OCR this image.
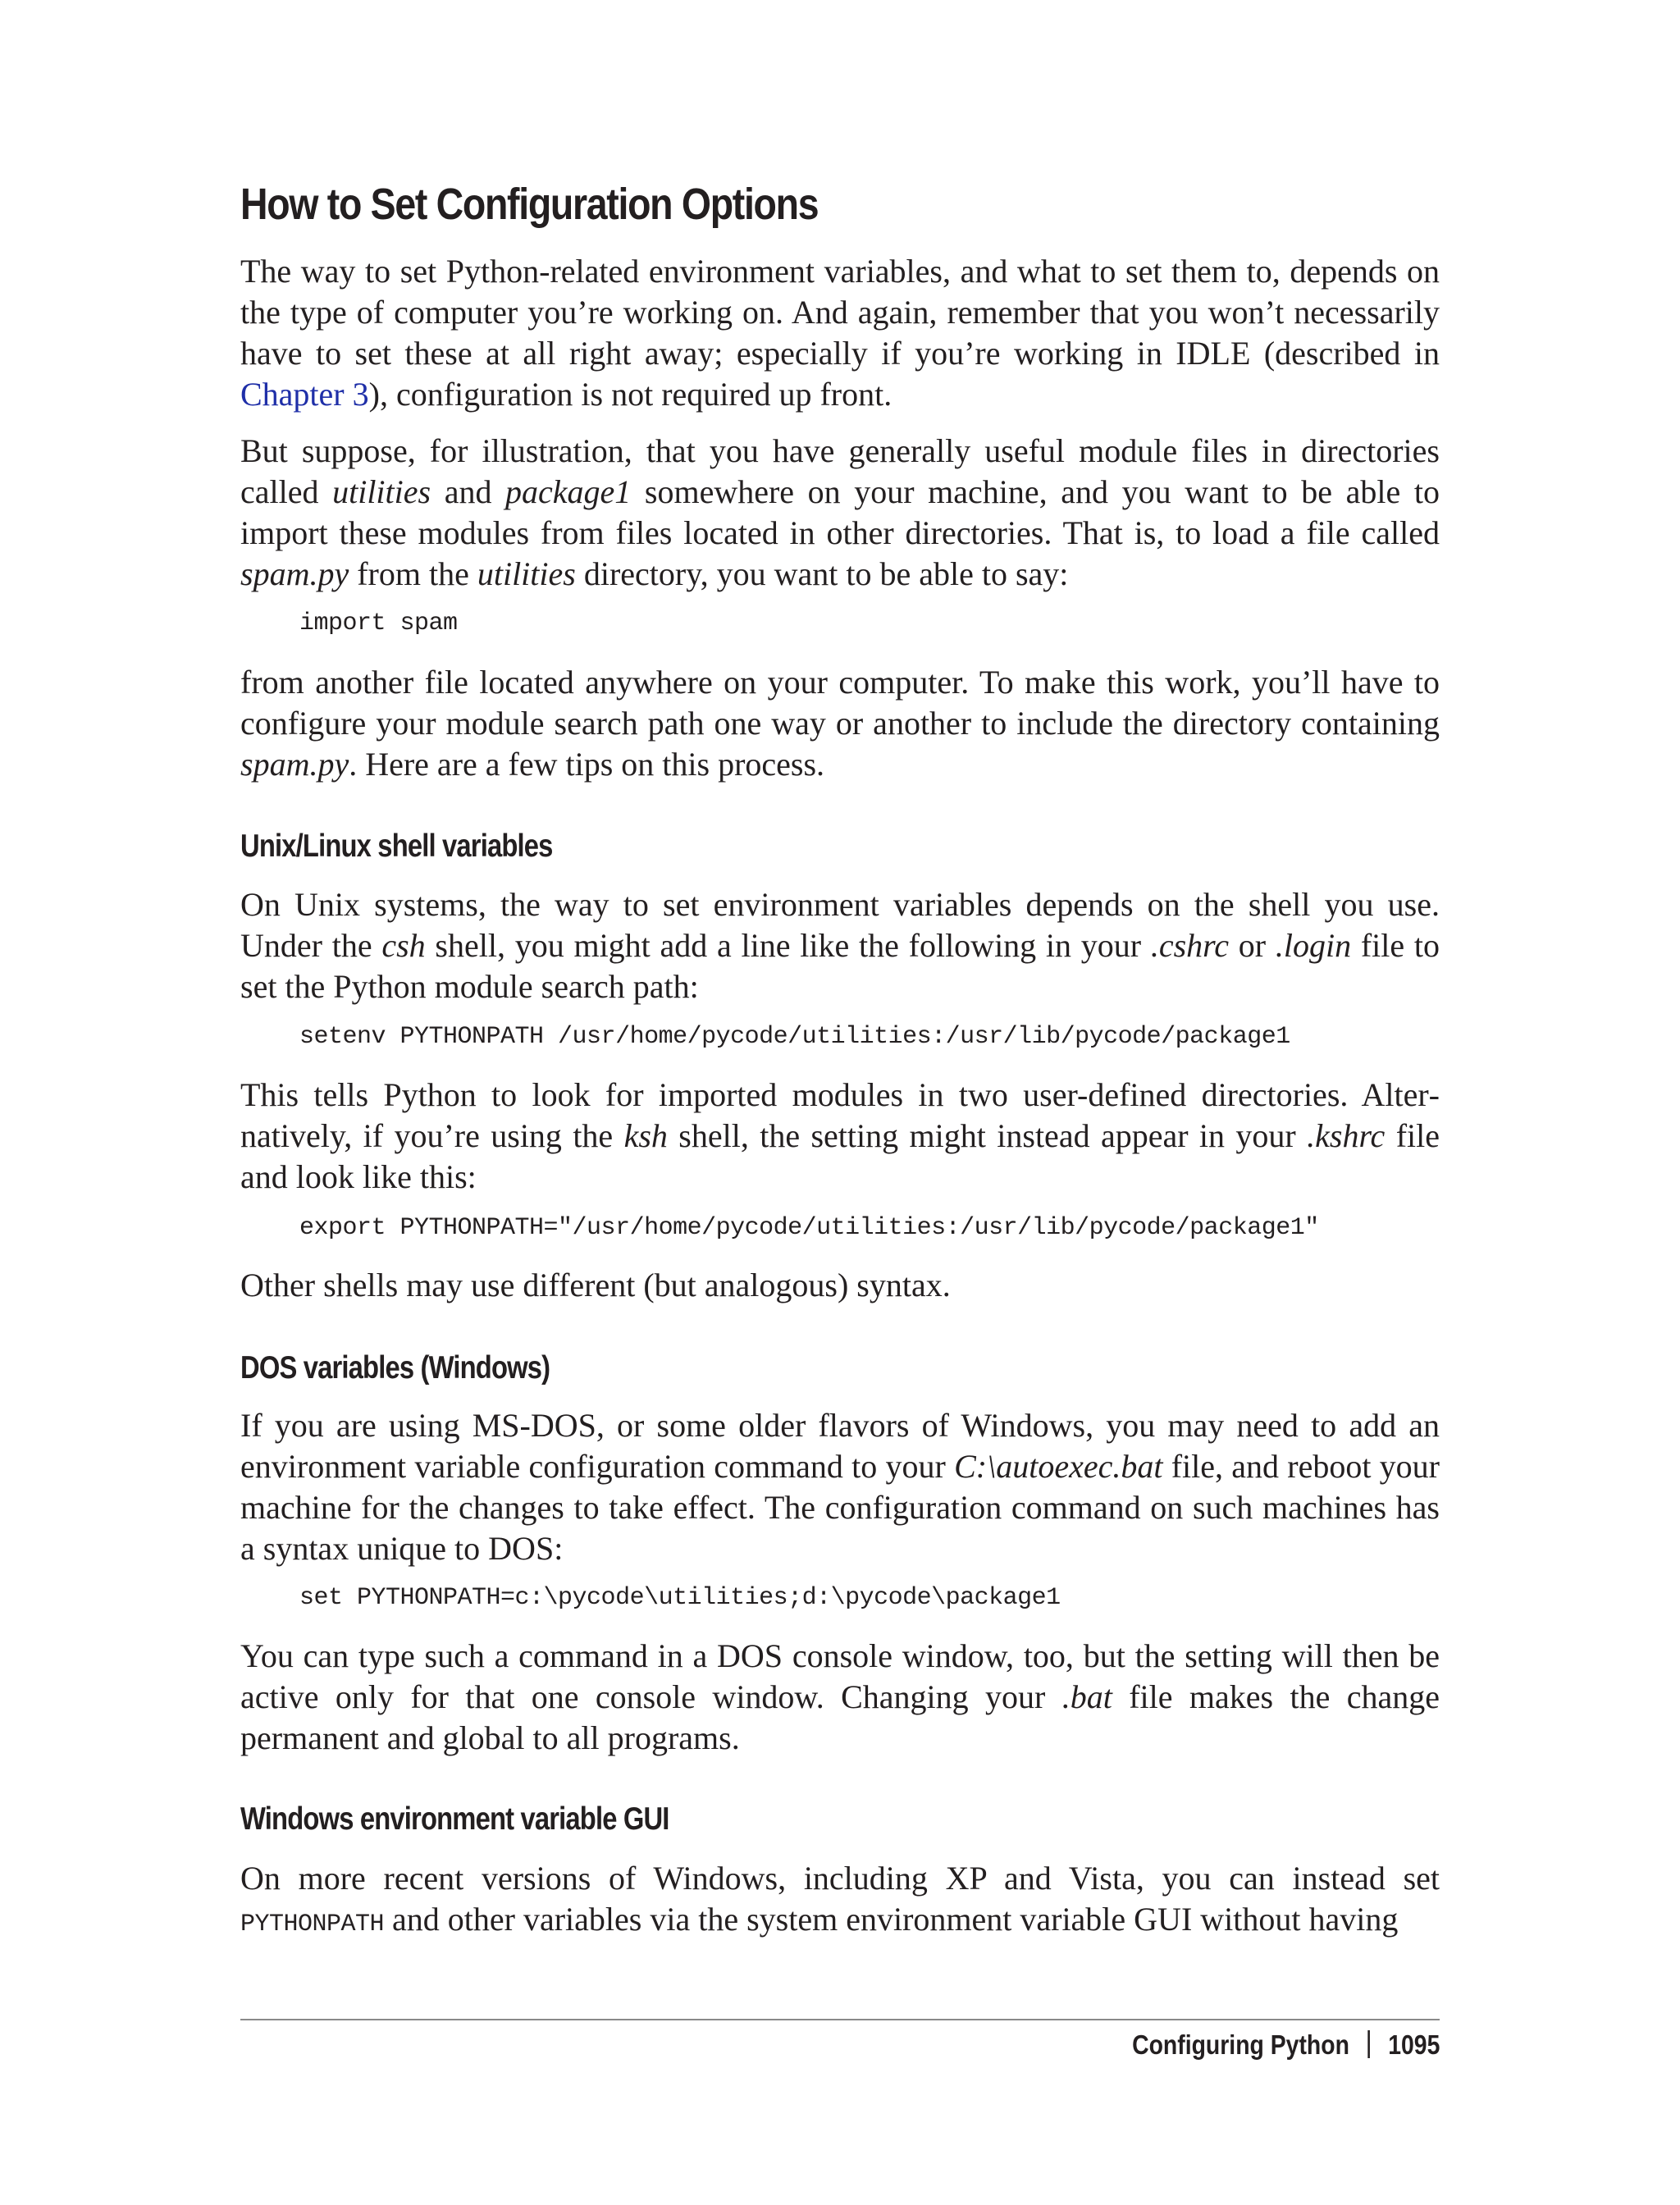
How to Set Configuration Options

The way to set Python-related environment variables, and what to set them to, depends on the type of computer you’re working on. And again, remember that you won’t necessarily have to set these at all right away; especially if you’re working in IDLE (described in Chapter 3), configuration is not required up front.

But suppose, for illustration, that you have generally useful module files in directories called utilities and package1 somewhere on your machine, and you want to be able to import these modules from files located in other directories. That is, to load a file called spam.py from the utilities directory, you want to be able to say:

import spam

from another file located anywhere on your computer. To make this work, you’ll have to configure your module search path one way or another to include the directory containing spam.py. Here are a few tips on this process.

Unix/Linux shell variables

On Unix systems, the way to set environment variables depends on the shell you use. Under the csh shell, you might add a line like the following in your .cshrc or .login file to set the Python module search path:

setenv PYTHONPATH /usr/home/pycode/utilities:/usr/lib/pycode/package1

This tells Python to look for imported modules in two user-defined directories. Alternatively, if you’re using the ksh shell, the setting might instead appear in your .kshrc file and look like this:

export PYTHONPATH="/usr/home/pycode/utilities:/usr/lib/pycode/package1"

Other shells may use different (but analogous) syntax.

DOS variables (Windows)

If you are using MS-DOS, or some older flavors of Windows, you may need to add an environment variable configuration command to your C:\autoexec.bat file, and reboot your machine for the changes to take effect. The configuration command on such machines has a syntax unique to DOS:

set PYTHONPATH=c:\pycode\utilities;d:\pycode\package1

You can type such a command in a DOS console window, too, but the setting will then be active only for that one console window. Changing your .bat file makes the change permanent and global to all programs.

Windows environment variable GUI

On more recent versions of Windows, including XP and Vista, you can instead set PYTHONPATH and other variables via the system environment variable GUI without having

Configuring Python 1095
